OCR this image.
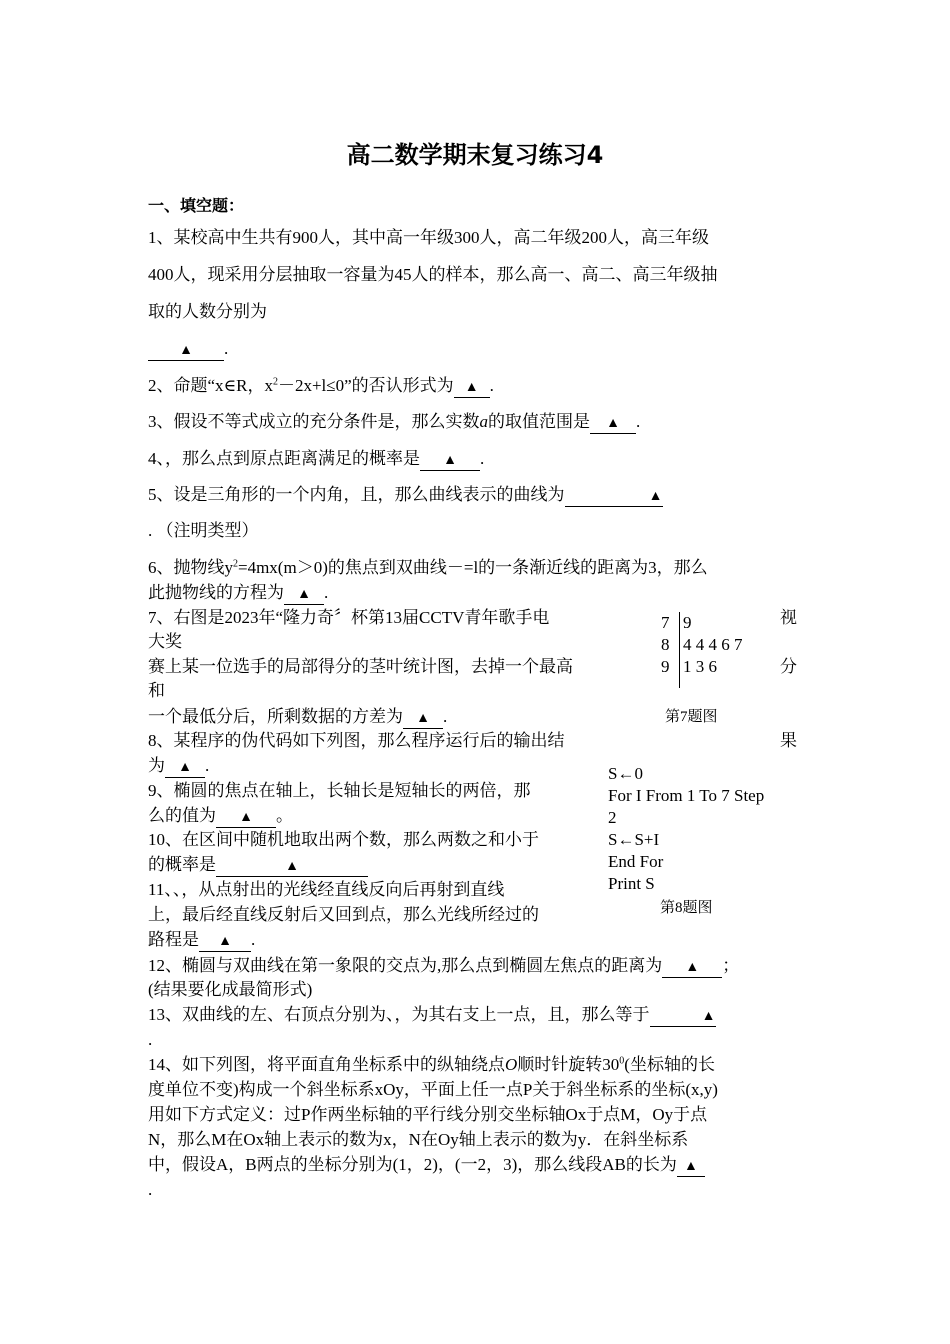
高二数学期末复习练习4
一、填空题：
1、某校高中生共有900人，其中高一年级300人，高二年级200人，高三年级
400人，现采用分层抽取一容量为45人的样本，那么高一、高二、高三年级抽
取的人数分别为
▲ .
2、命题“x∈R，$x^2-2x+l\le 0$”的否认形式为 ▲ .
3、假设不等式成立的充分条件是，那么实数a的取值范围是 ▲ .
4、，那么点到原点距离满足的概率是 ▲ .
5、设是三角形的一个内角，且，那么曲线表示的曲线为	▲
. （注明类型）
6、抛物线$y^2=4mx(m>0)$的焦点到双曲线－=l的一条渐近线的距离为3，那么
此抛物线的方程为 ▲ .
7、右图是2023年“隆力奇〞杯第13届CCTV青年歌手电	视
大奖
赛上某一位选手的局部得分的茎叶统计图，去掉一个最高	分
和
一个最低分后，所剩数据的方差为 ▲ .
7 9
8 4 4 4 6 7
9 1 3 6
第7题图
8、某程序的伪代码如下列图，那么程序运行后的输出结	果
为 ▲ .	S←0
For I From 1 To 7 Step
2
S←S+I
End For
Print S
第8题图
9、椭圆的焦点在轴上，长轴长是短轴长的两倍，那
么的值为 ▲ 。
10、在区间中随机地取出两个数，那么两数之和小于
的概率是	▲
11、、，从点射出的光线经直线反向后再射到直线
上，最后经直线反射后又回到点，那么光线所经过的
路程是 ▲ .
12、椭圆与双曲线在第一象限的交点为,那么点到椭圆左焦点的距离为 ▲ ；
(结果要化成最简形式)
13、双曲线的左、右顶点分别为、，为其右支上一点，且，那么等于	▲
.
14、如下列图，将平面直角坐标系中的纵轴绕点O顺时针旋转$30^0$(坐标轴的长
度单位不变)构成一个斜坐标系xOy，平面上任一点P关于斜坐标系的坐标(x,y)
用如下方式定义：过P作两坐标轴的平行线分别交坐标轴Ox于点M，Oy于点
N，那么M在Ox轴上表示的数为x，N在Oy轴上表示的数为y．在斜坐标系
中，假设A，B两点的坐标分别为(1，2)，(一2，3)，那么线段AB的长为 ▲
.
